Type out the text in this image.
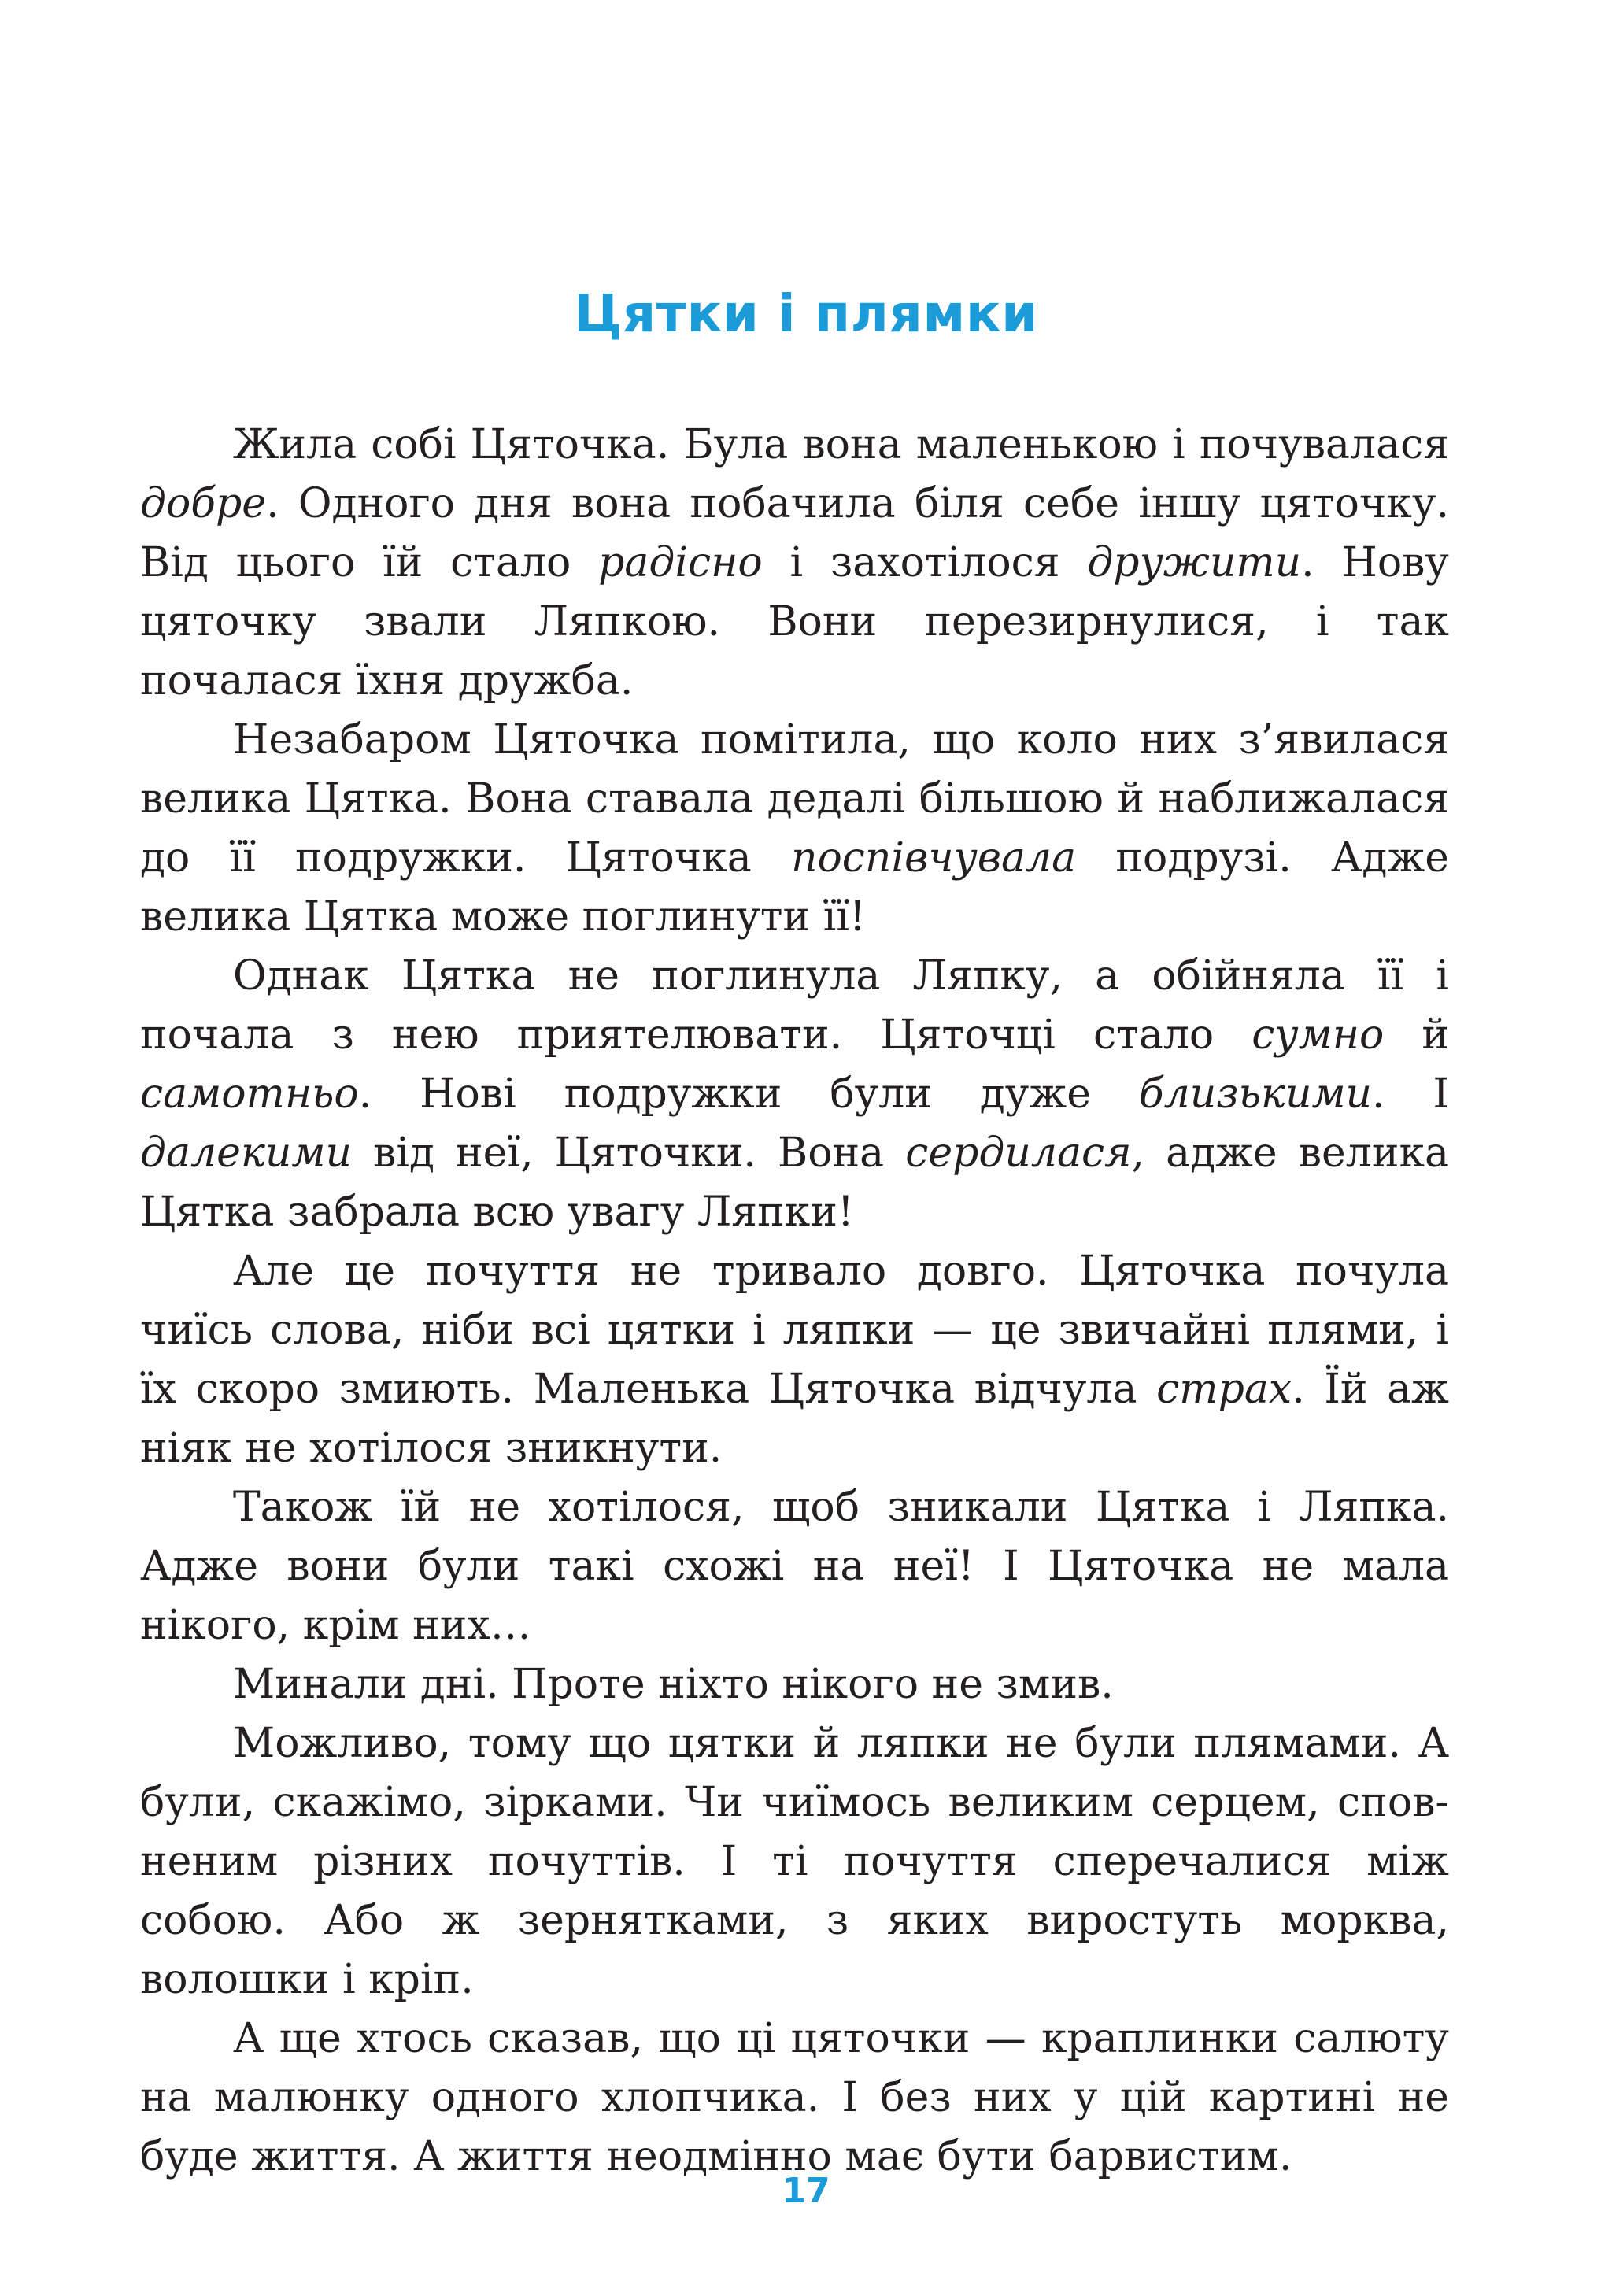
Цятки і плямки

Жила собі Цяточка. Була вона маленькою і почувалася добре. Одного дня вона побачила біля себе іншу цяточку. Від цього їй стало радісно і захотілося дружити. Нову цяточку звали Ляпкою. Вони перезирнулися, і так почалася їхня дружба.

Незабаром Цяточка помітила, що коло них з’явилася велика Цятка. Вона ставала дедалі більшою й наближалася до її подружки. Цяточка поспівчувала подрузі. Адже велика Цятка може поглинути її!

Однак Цятка не поглинула Ляпку, а обійняла її і почала з нею приятелювати. Цяточці стало сумно й самотньо. Нові подружки були дуже близькими. І далекими від неї, Цяточки. Вона сердилася, адже велика Цятка забрала всю увагу Ляпки!

Але це почуття не тривало довго. Цяточка почула чиїсь слова, ніби всі цятки і ляпки — це звичайні плями, і їх скоро змиють. Маленька Цяточка відчула страх. Їй аж ніяк не хотілося зникнути.

Також їй не хотілося, щоб зникали Цятка і Ляпка. Адже вони були такі схожі на неї! І Цяточка не мала нікого, крім них…

Минали дні. Проте ніхто нікого не змив.

Можливо, тому що цятки й ляпки не були плямами. А були, скажімо, зірками. Чи чиїмось великим серцем, сповненим різних почуттів. І ті почуття сперечалися між собою. Або ж зернятками, з яких виростуть морква, волошки і кріп.

А ще хтось сказав, що ці цяточки — краплинки салюту на малюнку одного хлопчика. І без них у цій картині не буде життя. А життя неодмінно має бути барвистим.

17
